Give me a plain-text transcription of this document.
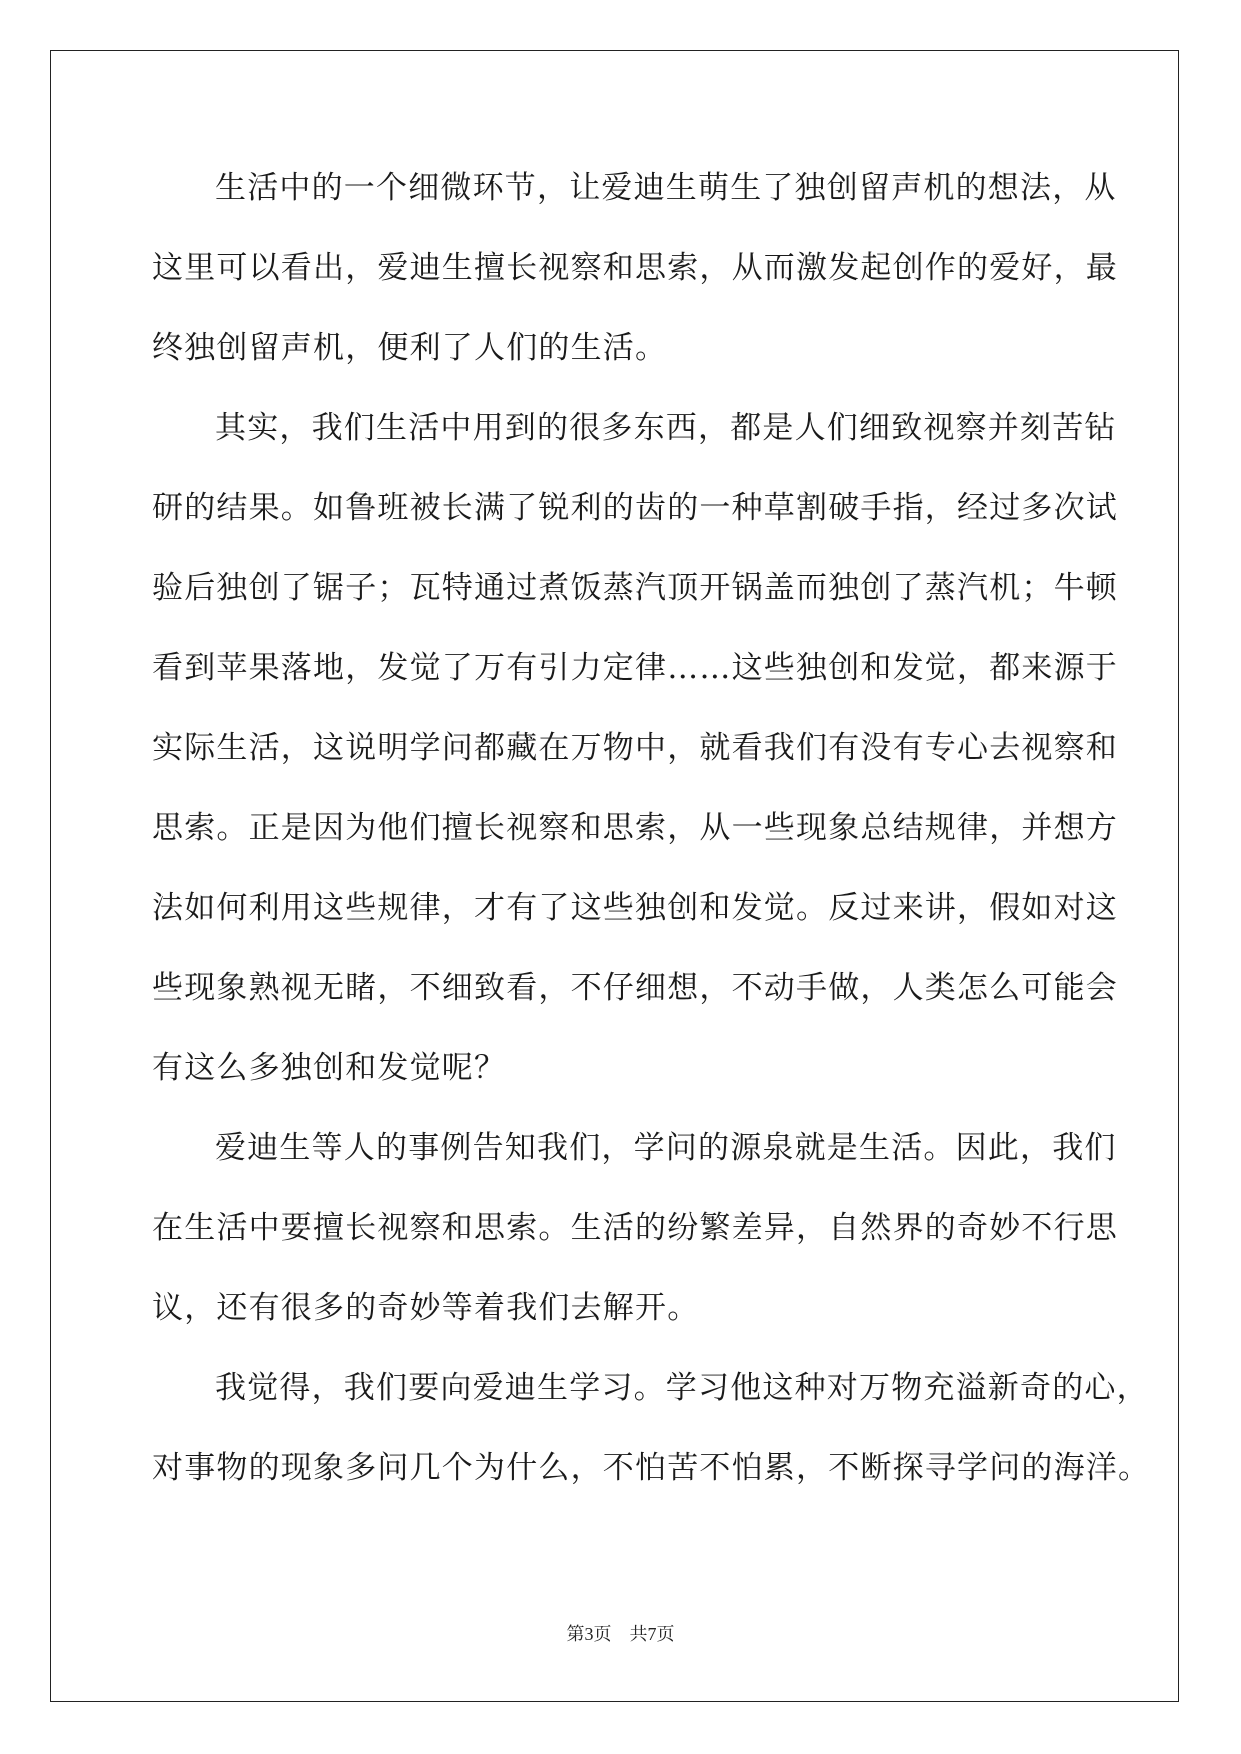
生活中的一个细微环节，让爱迪生萌生了独创留声机的想法，从
这里可以看出，爱迪生擅长视察和思索，从而激发起创作的爱好，最
终独创留声机，便利了人们的生活。
其实，我们生活中用到的很多东西，都是人们细致视察并刻苦钻
研的结果。如鲁班被长满了锐利的齿的一种草割破手指，经过多次试
验后独创了锯子；瓦特通过煮饭蒸汽顶开锅盖而独创了蒸汽机；牛顿
看到苹果落地，发觉了万有引力定律……这些独创和发觉，都来源于
实际生活，这说明学问都藏在万物中，就看我们有没有专心去视察和
思索。正是因为他们擅长视察和思索，从一些现象总结规律，并想方
法如何利用这些规律，才有了这些独创和发觉。反过来讲，假如对这
些现象熟视无睹，不细致看，不仔细想，不动手做，人类怎么可能会
有这么多独创和发觉呢？
爱迪生等人的事例告知我们，学问的源泉就是生活。因此，我们
在生活中要擅长视察和思索。生活的纷繁差异，自然界的奇妙不行思
议，还有很多的奇妙等着我们去解开。
我觉得，我们要向爱迪生学习。学习他这种对万物充溢新奇的心，
对事物的现象多问几个为什么，不怕苦不怕累，不断探寻学问的海洋。
第3页 共7页
